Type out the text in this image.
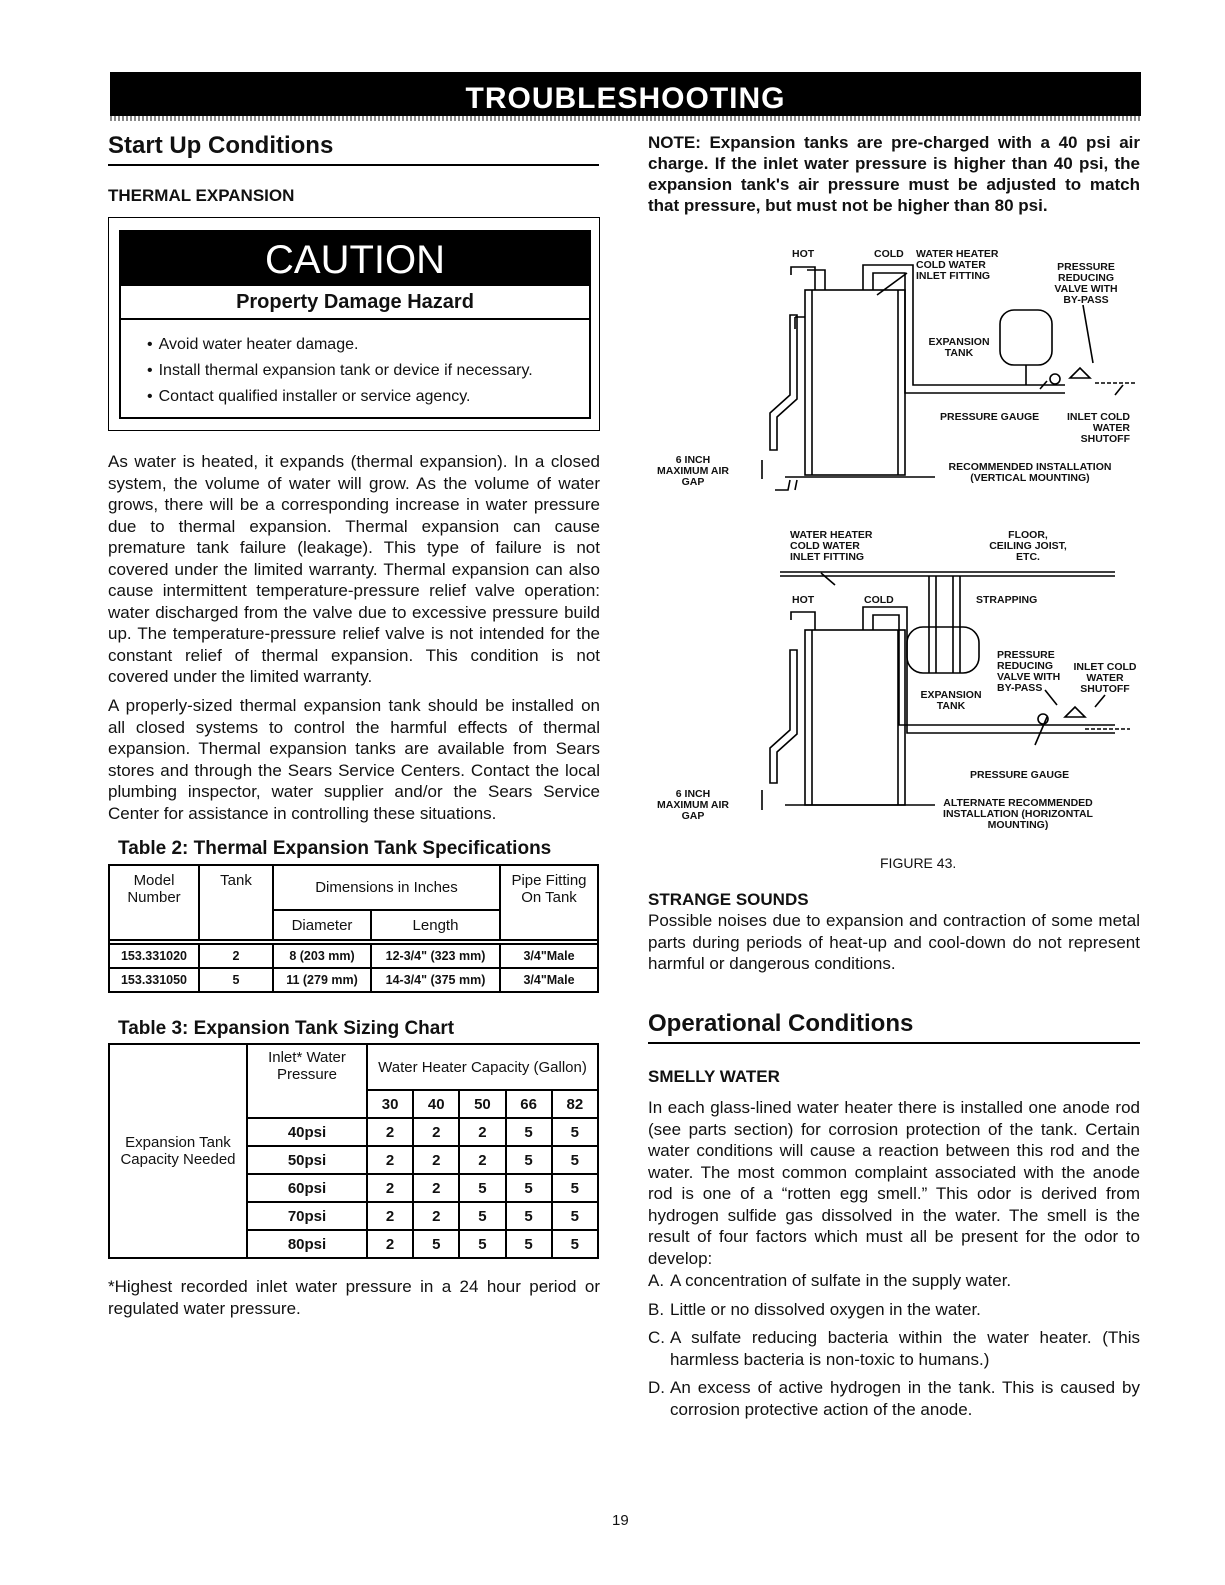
TROUBLESHOOTING
Start Up Conditions
THERMAL EXPANSION
CAUTION
Property Damage Hazard
• Avoid water heater damage.
• Install thermal expansion tank or device if necessary.
• Contact qualified installer or service agency.

As water is heated, it expands (thermal expansion). In a closed system, the volume of water will grow. As the volume of water grows, there will be a corresponding increase in water pressure due to thermal expansion. Thermal expansion can cause premature tank failure (leakage). This type of failure is not covered under the limited warranty. Thermal expansion can also cause intermittent temperature-pressure relief valve operation: water discharged from the valve due to excessive pressure build up. The temperature-pressure relief valve is not intended for the constant relief of thermal expansion. This condition is not covered under the limited warranty.

A properly-sized thermal expansion tank should be installed on all closed systems to control the harmful effects of thermal expansion. Thermal expansion tanks are available from Sears stores and through the Sears Service Centers. Contact the local plumbing inspector, water supplier and/or the Sears Service Center for assistance in controlling these situations.

Table 2: Thermal Expansion Tank Specifications
Model Number	Tank	Dimensions in Inches		Pipe Fitting On Tank
		Diameter	Length	

153.331020	2	8 (203 mm)	12-3/4" (323 mm)	3/4"Male
153.331050	5	11 (279 mm)	14-3/4" (375 mm)	3/4"Male
Table 3: Expansion Tank Sizing Chart
Expansion Tank Capacity Needed	Inlet* Water Pressure	Water Heater Capacity (Gallon)				
		30	40	50	66	82
	40psi	2	2	2	5	5
	50psi	2	2	2	5	5
	60psi	2	2	5	5	5
	70psi	2	2	5	5	5
	80psi	2	5	5	5	5

*Highest recorded inlet water pressure in a 24 hour period or regulated water pressure.

NOTE: Expansion tanks are pre-charged with a 40 psi air charge. If the inlet water pressure is higher than 40 psi, the expansion tank's air pressure must be adjusted to match that pressure, but must not be higher than 80 psi.

HOT	COLD WATER HEATER COLD WATER INLET FITTING
PRESSURE REDUCING VALVE WITH BY-PASS
EXPANSION TANK
PRESSURE GAUGE	INLET COLD WATER SHUTOFF
6 INCH MAXIMUM AIR GAP
RECOMMENDED INSTALLATION (VERTICAL MOUNTING)
WATER HEATER COLD WATER INLET FITTING
FLOOR, CEILING JOIST, ETC.
HOT	COLD	STRAPPING
PRESSURE REDUCING VALVE WITH BY-PASS
INLET COLD WATER SHUTOFF
EXPANSION TANK
PRESSURE GAUGE
6 INCH MAXIMUM AIR GAP
ALTERNATE RECOMMENDED INSTALLATION (HORIZONTAL MOUNTING)
FIGURE 43.
STRANGE SOUNDS

Possible noises due to expansion and contraction of some metal parts during periods of heat-up and cool-down do not represent harmful or dangerous conditions.

Operational Conditions
SMELLY WATER

In each glass-lined water heater there is installed one anode rod (see parts section) for corrosion protection of the tank. Certain water conditions will cause a reaction between this rod and the water. The most common complaint associated with the anode rod is one of a “rotten egg smell.” This odor is derived from hydrogen sulfide gas dissolved in the water. The smell is the result of four factors which must all be present for the odor to develop:

A. A concentration of sulfate in the supply water.
B. Little or no dissolved oxygen in the water.
C. A sulfate reducing bacteria within the water heater. (This harmless bacteria is non-toxic to humans.)
D. An excess of active hydrogen in the tank. This is caused by corrosion protective action of the anode.
19
